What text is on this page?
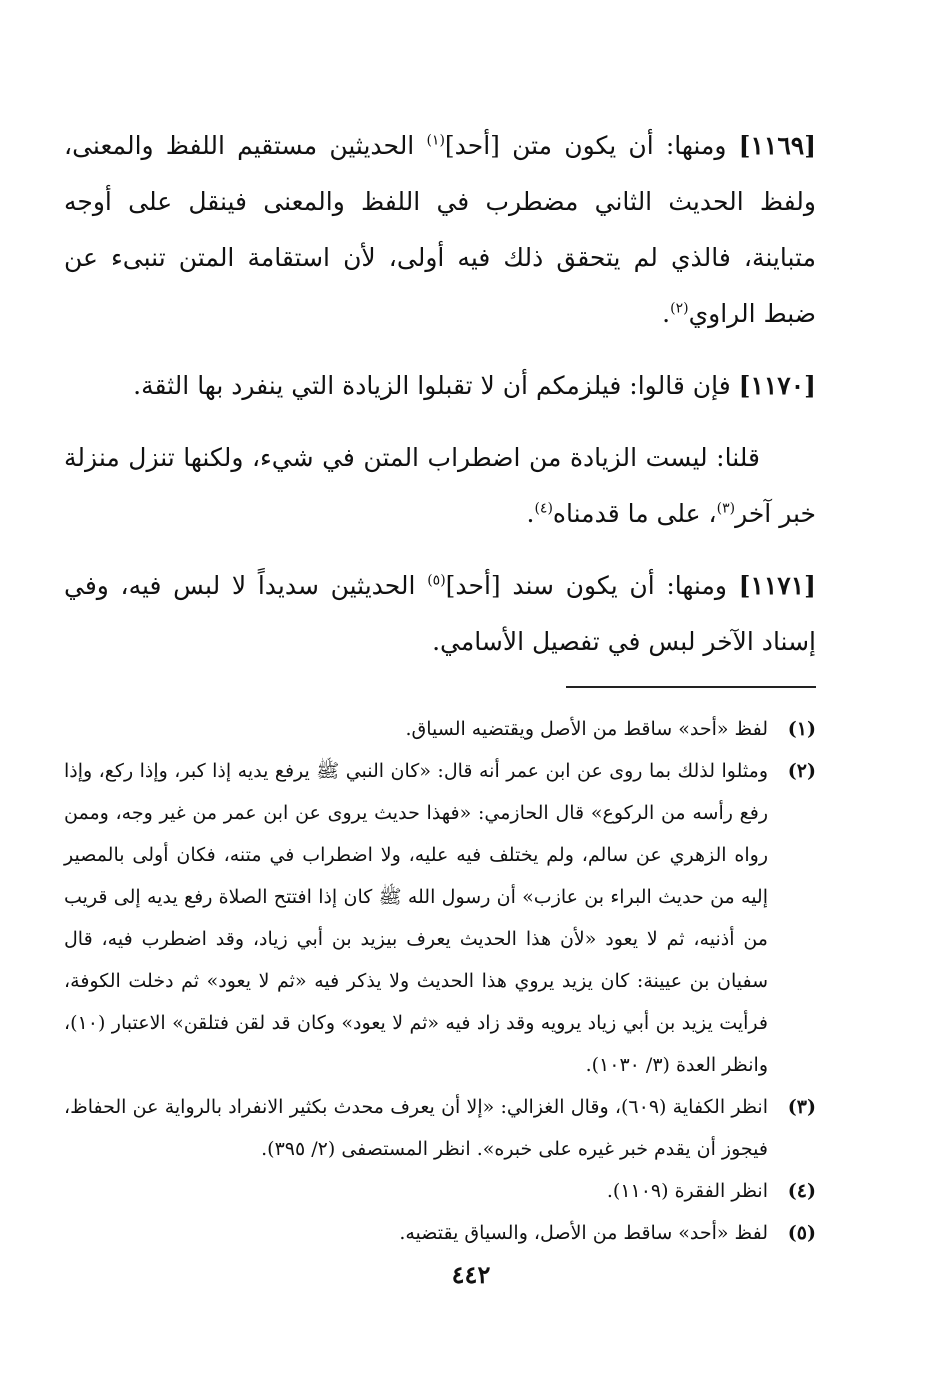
[١١٦٩] ومنها: أن يكون متن [أحد]$^{(١)}$ الحديثين مستقيم اللفظ والمعنى، ولفظ الحديث الثاني مضطرب في اللفظ والمعنى فينقل على أوجه متباينة، فالذي لم يتحقق ذلك فيه أولى، لأن استقامة المتن تنبىء عن ضبط الراوي$^{(٢)}$.

[١١٧٠] فإن قالوا: فيلزمكم أن لا تقبلوا الزيادة التي ينفرد بها الثقة.

قلنا: ليست الزيادة من اضطراب المتن في شيء، ولكنها تنزل منزلة خبر آخر$^{(٣)}$، على ما قدمناه$^{(٤)}$.

[١١٧١] ومنها: أن يكون سند [أحد]$^{(٥)}$ الحديثين سديداً لا لبس فيه، وفي إسناد الآخر لبس في تفصيل الأسامي.

(١)
لفظ «أحد» ساقط من الأصل ويقتضيه السياق.
(٢)
ومثلوا لذلك بما روى عن ابن عمر أنه قال: «كان النبي ﷺ يرفع يديه إذا كبر، وإذا ركع، وإذا رفع رأسه من الركوع» قال الحازمي: «فهذا حديث يروى عن ابن عمر من غير وجه، وممن رواه الزهري عن سالم، ولم يختلف فيه عليه، ولا اضطراب في متنه، فكان أولى بالمصير إليه من حديث البراء بن عازب» أن رسول الله ﷺ كان إذا افتتح الصلاة رفع يديه إلى قريب من أذنيه، ثم لا يعود «لأن هذا الحديث يعرف بيزيد بن أبي زياد، وقد اضطرب فيه، قال سفيان بن عيينة: كان يزيد يروي هذا الحديث ولا يذكر فيه «ثم لا يعود» ثم دخلت الكوفة، فرأيت يزيد بن أبي زياد يرويه وقد زاد فيه «ثم لا يعود» وكان قد لقن فتلقن» الاعتبار (١٠)، وانظر العدة (٣/ ١٠٣٠).
(٣)
انظر الكفاية (٦٠٩)، وقال الغزالي: «إلا أن يعرف محدث بكثير الانفراد بالرواية عن الحفاظ، فيجوز أن يقدم خبر غيره على خبره». انظر المستصفى (٢/ ٣٩٥).
(٤)
انظر الفقرة (١١٠٩).
(٥)
لفظ «أحد» ساقط من الأصل، والسياق يقتضيه.
٤٤٢
